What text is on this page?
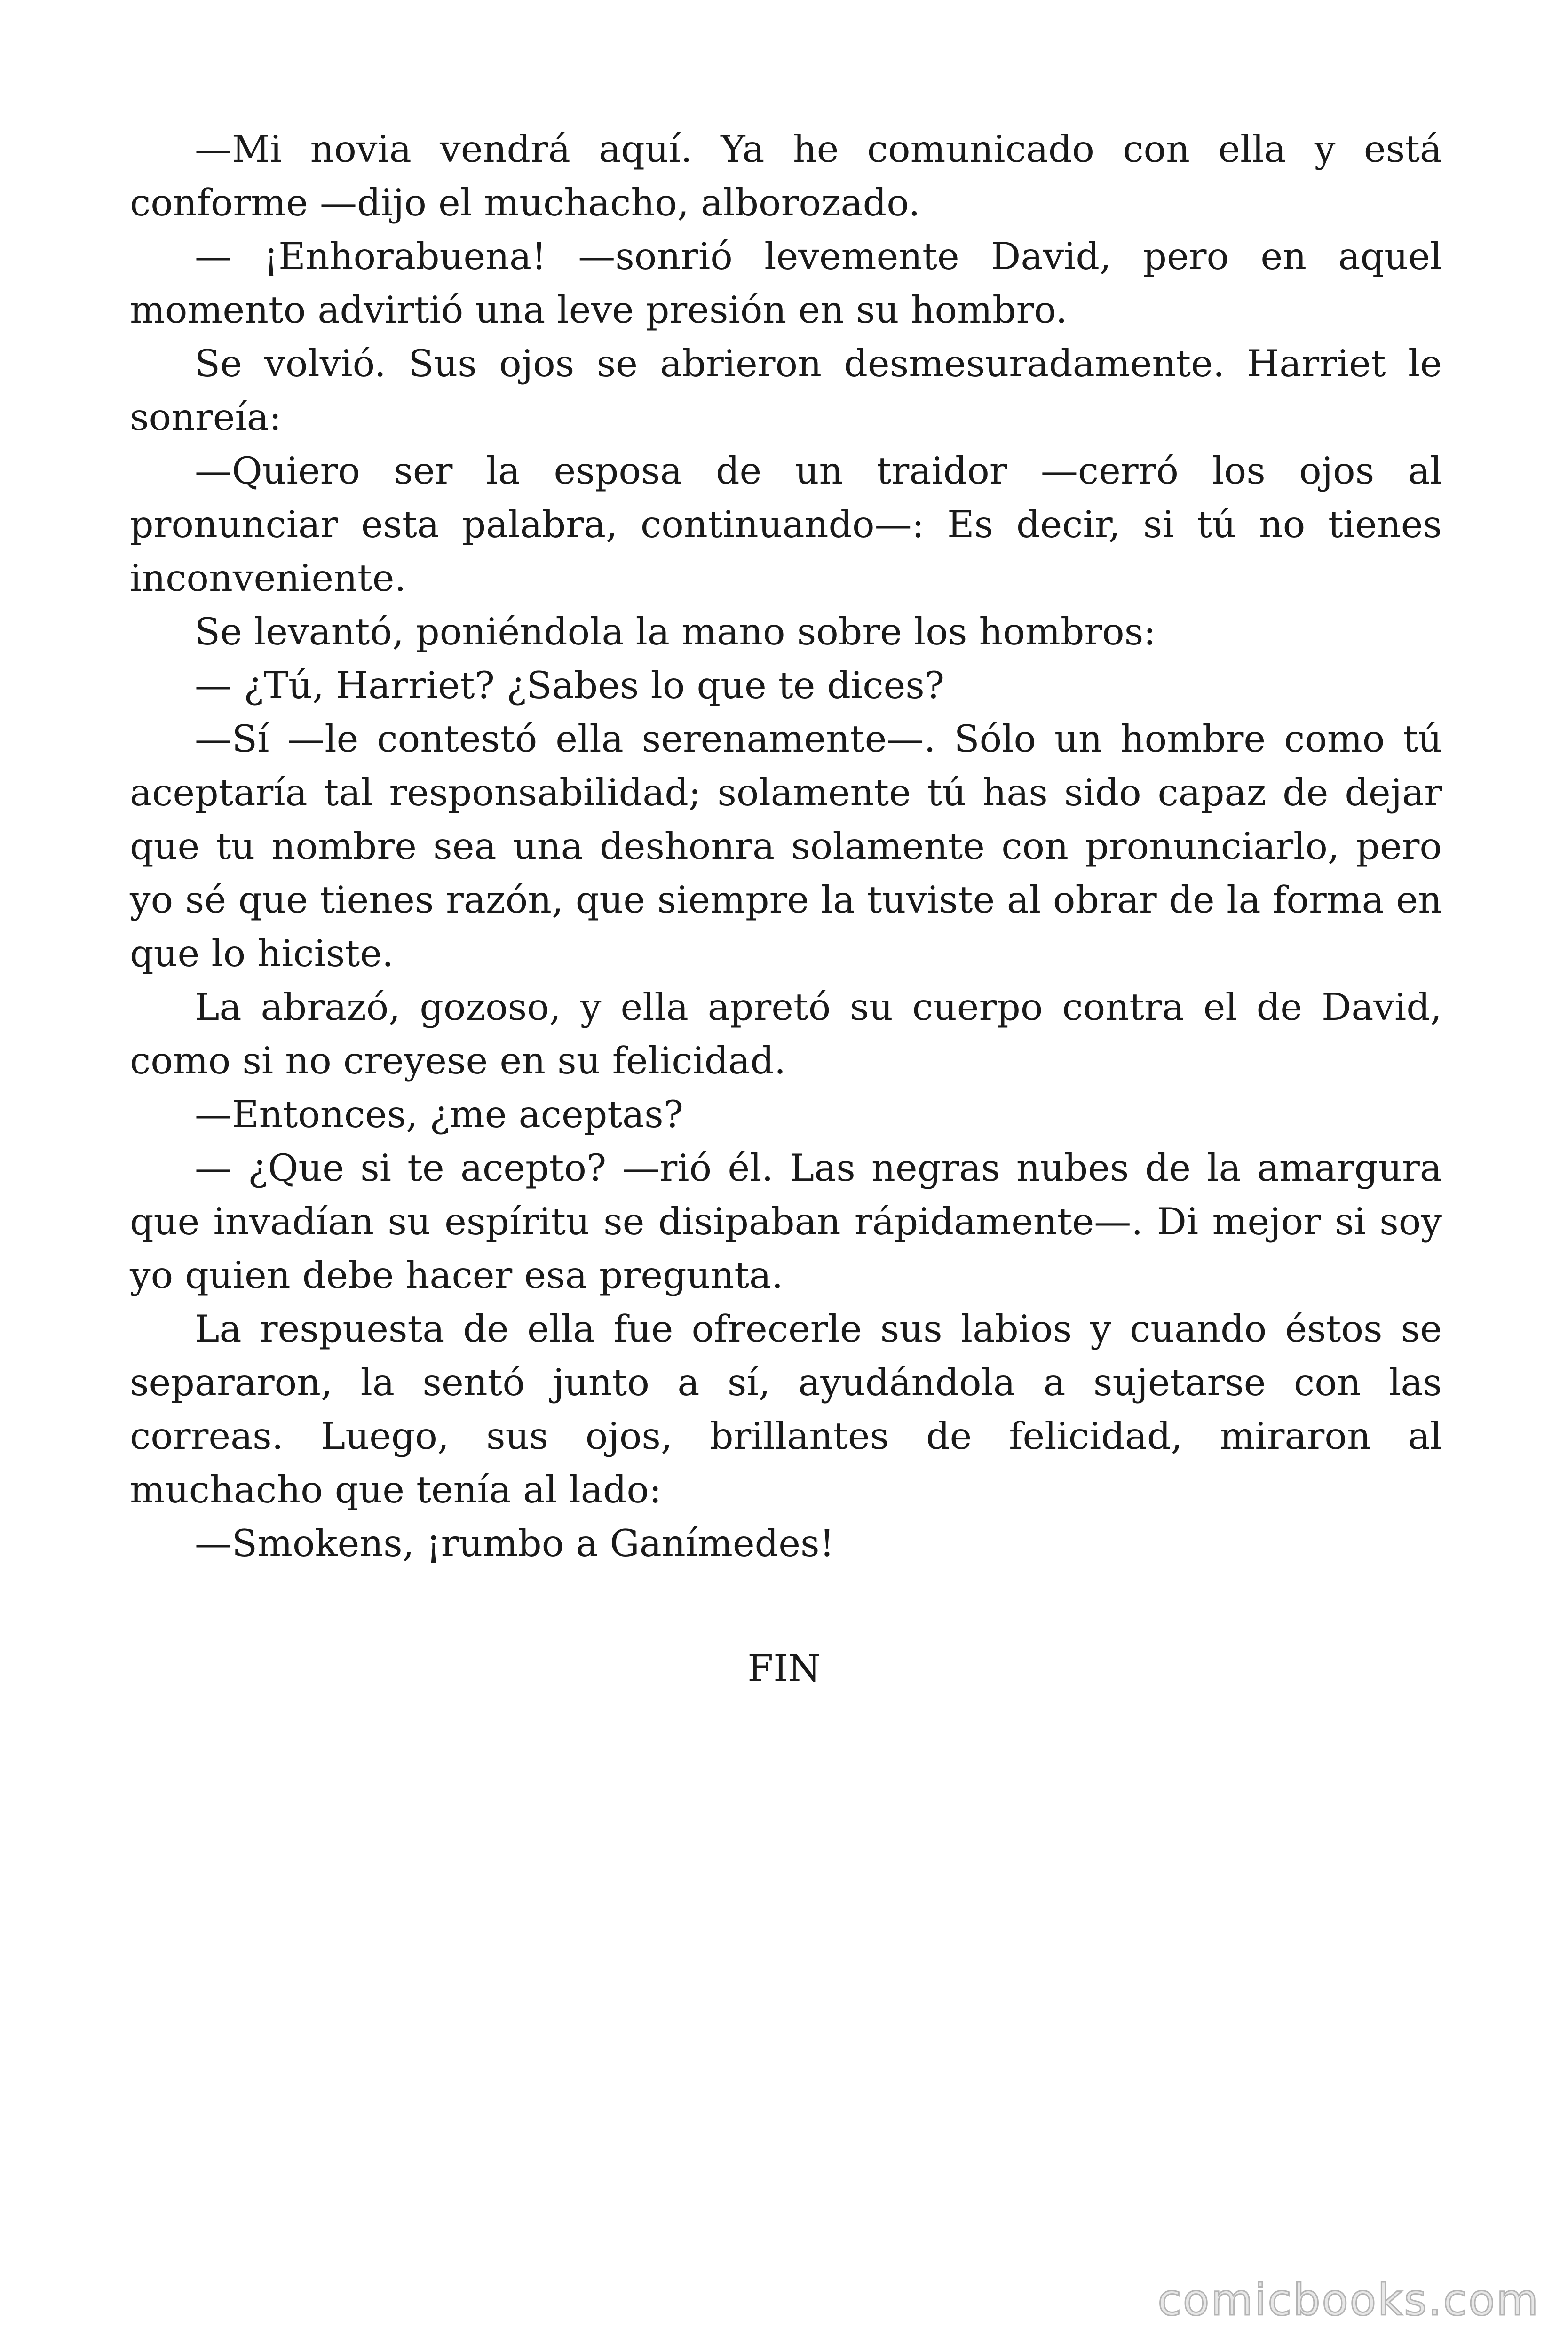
—Mi novia vendrá aquí. Ya he comunicado con ella y está conforme —dijo el muchacho, alborozado.

— ¡Enhorabuena! —sonrió levemente David, pero en aquel momento advirtió una leve presión en su hombro.

Se volvió. Sus ojos se abrieron desmesuradamente. Harriet le sonreía:

—Quiero ser la esposa de un traidor —cerró los ojos al pronunciar esta palabra, continuando—: Es decir, si tú no tienes inconveniente.

Se levantó, poniéndola la mano sobre los hombros:

— ¿Tú, Harriet? ¿Sabes lo que te dices?

—Sí —le contestó ella serenamente—. Sólo un hombre como tú aceptaría tal responsabilidad; solamente tú has sido capaz de dejar que tu nombre sea una deshonra solamente con pronunciarlo, pero yo sé que tienes razón, que siempre la tuviste al obrar de la forma en que lo hiciste.

La abrazó, gozoso, y ella apretó su cuerpo contra el de David, como si no creyese en su felicidad.

—Entonces, ¿me aceptas?

— ¿Que si te acepto? —rió él. Las negras nubes de la amargura que invadían su espíritu se disipaban rápidamente—. Di mejor si soy yo quien debe hacer esa pregunta.

La respuesta de ella fue ofrecerle sus labios y cuando éstos se separaron, la sentó junto a sí, ayudándola a sujetarse con las correas. Luego, sus ojos, brillantes de felicidad, miraron al muchacho que tenía al lado:

—Smokens, ¡rumbo a Ganímedes!

FIN
comicbooks.com
